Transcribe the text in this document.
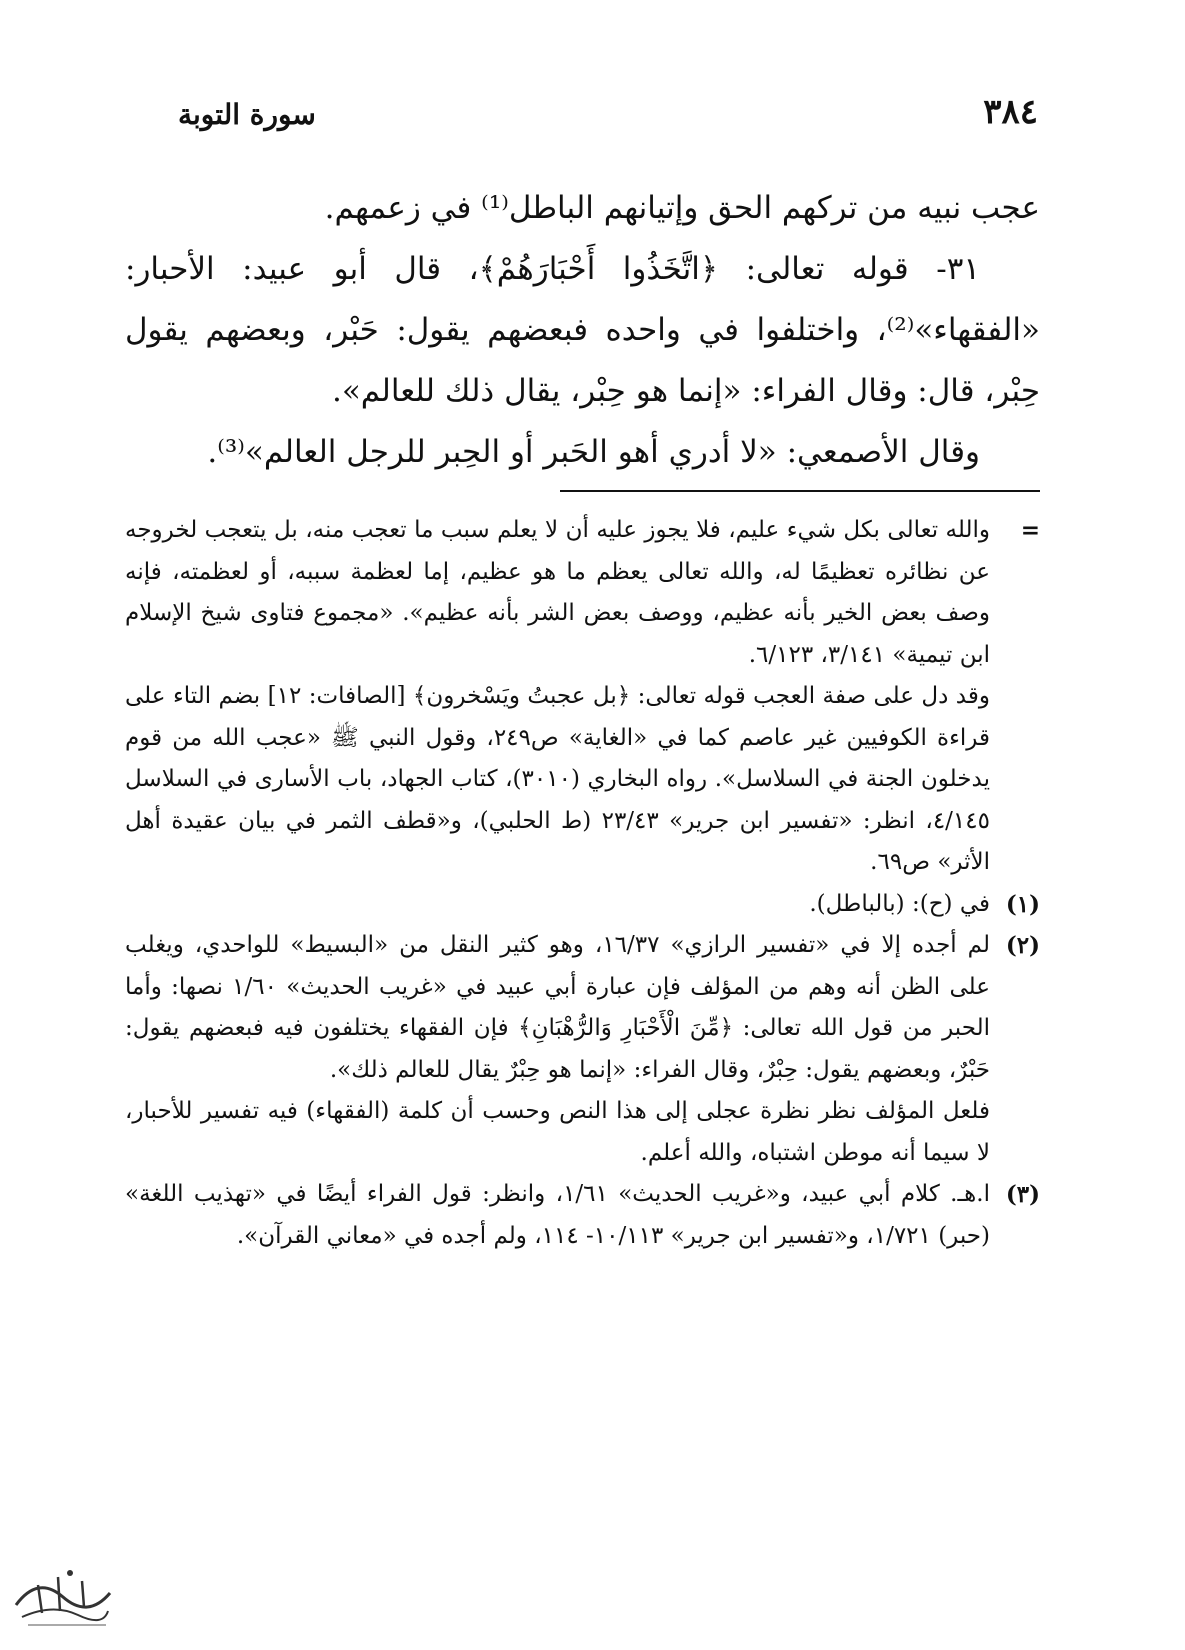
٣٨٤
سورة التوبة

عجب نبيه من تركهم الحق وإتيانهم الباطل⁽¹⁾ في زعمهم.

٣١- قوله تعالى: ﴿اتَّخَذُوا أَحْبَارَهُمْ﴾، قال أبو عبيد: الأحبار: «الفقهاء»⁽²⁾، واختلفوا في واحده فبعضهم يقول: حَبْر، وبعضهم يقول حِبْر، قال: وقال الفراء: «إنما هو حِبْر، يقال ذلك للعالم».

وقال الأصمعي: «لا أدري أهو الحَبر أو الحِبر للرجل العالم»⁽³⁾.

=

والله تعالى بكل شيء عليم، فلا يجوز عليه أن لا يعلم سبب ما تعجب منه، بل يتعجب لخروجه عن نظائره تعظيمًا له، والله تعالى يعظم ما هو عظيم، إما لعظمة سببه، أو لعظمته، فإنه وصف بعض الخير بأنه عظيم، ووصف بعض الشر بأنه عظيم». «مجموع فتاوى شيخ الإسلام ابن تيمية» ٣/١٤١، ٦/١٢٣.

وقد دل على صفة العجب قوله تعالى: ﴿بل عجبتُ ويَسْخرون﴾ [الصافات: ١٢] بضم التاء على قراءة الكوفيين غير عاصم كما في «الغاية» ص٢٤٩، وقول النبي ﷺ «عجب الله من قوم يدخلون الجنة في السلاسل». رواه البخاري (٣٠١٠)، كتاب الجهاد، باب الأسارى في السلاسل ٤/١٤٥، انظر: «تفسير ابن جرير» ٢٣/٤٣ (ط الحلبي)، و«قطف الثمر في بيان عقيدة أهل الأثر» ص٦٩.

(١)

في (ح): (بالباطل).

(٢)

لم أجده إلا في «تفسير الرازي» ١٦/٣٧، وهو كثير النقل من «البسيط» للواحدي، ويغلب على الظن أنه وهم من المؤلف فإن عبارة أبي عبيد في «غريب الحديث» ١/٦٠ نصها: وأما الحبر من قول الله تعالى: ﴿مِّنَ الْأَحْبَارِ وَالرُّهْبَانِ﴾ فإن الفقهاء يختلفون فيه فبعضهم يقول: حَبْرٌ، وبعضهم يقول: حِبْرٌ، وقال الفراء: «إنما هو حِبْرٌ يقال للعالم ذلك».

فلعل المؤلف نظر نظرة عجلى إلى هذا النص وحسب أن كلمة (الفقهاء) فيه تفسير للأحبار، لا سيما أنه موطن اشتباه، والله أعلم.

(٣)

ا.هـ. كلام أبي عبيد، و«غريب الحديث» ١/٦١، وانظر: قول الفراء أيضًا في «تهذيب اللغة» (حبر) ١/٧٢١، و«تفسير ابن جرير» ١٠/١١٣- ١١٤، ولم أجده في «معاني القرآن».
